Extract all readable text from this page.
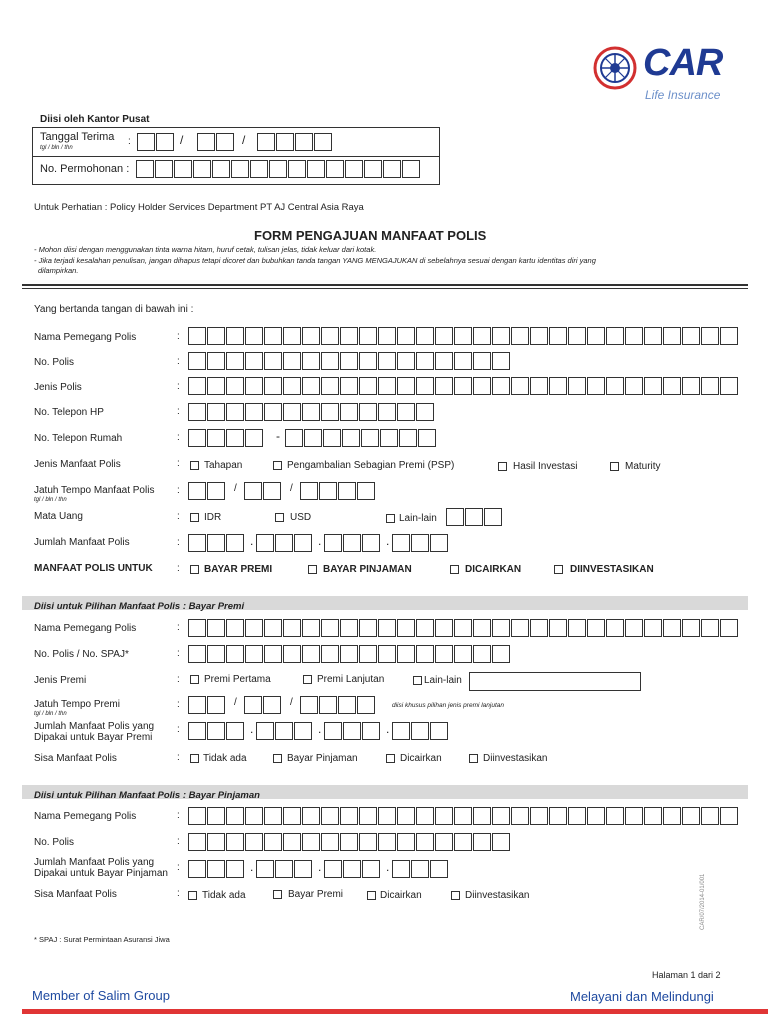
CAR
Life Insurance
Diisi oleh Kantor Pusat
Tanggal Terima
tgl / bln / thn
:	/	/
No. Permohonan :
Untuk Perhatian : Policy Holder Services Department PT AJ Central Asia Raya
FORM PENGAJUAN MANFAAT POLIS
- Mohon diisi dengan menggunakan tinta warna hitam, huruf cetak, tulisan jelas, tidak keluar dari kotak.
- Jika terjadi kesalahan penulisan, jangan dihapus tetapi dicoret dan bubuhkan tanda tangan YANG MENGAJUKAN di sebelahnya sesuai dengan kartu identitas diri yang
dilampirkan.
Yang bertanda tangan di bawah ini :
Nama Pemegang Polis	:
No. Polis	:
Jenis Polis	:
No. Telepon HP	:
No. Telepon Rumah	:	-
Jenis Manfaat Polis	: Tahapan	Pengambalian Sebagian Premi (PSP)	Hasil Investasi	Maturity
Jatuh Tempo Manfaat Polis
tgl / bln / thn
:	/	/
Mata Uang	: IDR	USD	Lain-lain
Jumlah Manfaat Polis	:	.	.	.
MANFAAT POLIS UNTUK : BAYAR PREMI	BAYAR PINJAMAN	DICAIRKAN	DIINVESTASIKAN
Diisi untuk Pilihan Manfaat Polis : Bayar Premi
Nama Pemegang Polis	:
No. Polis / No. SPAJ*	:
Jenis Premi	: Premi Pertama	Premi Lanjutan	Lain-lain
Jatuh Tempo Premi
tgl / bln / thn
:	/	/	diisi khusus pilihan jenis premi lanjutan
Jumlah Manfaat Polis yang
Dipakai untuk Bayar Premi
:	.	.	.
Sisa Manfaat Polis	: Tidak ada	Bayar Pinjaman	Dicairkan	Diinvestasikan
Diisi untuk Pilihan Manfaat Polis : Bayar Pinjaman
Nama Pemegang Polis	:
No. Polis	:
Jumlah Manfaat Polis yang
Dipakai untuk Bayar Pinjaman
:	.	.	.
Sisa Manfaat Polis	: Tidak ada	Bayar Premi	Dicairkan	Diinvestasikan
* SPAJ : Surat Permintaan Asuransi Jiwa
CAR/07/2014-01/001
Halaman 1 dari 2
Member of Salim Group	Melayani dan Melindungi
